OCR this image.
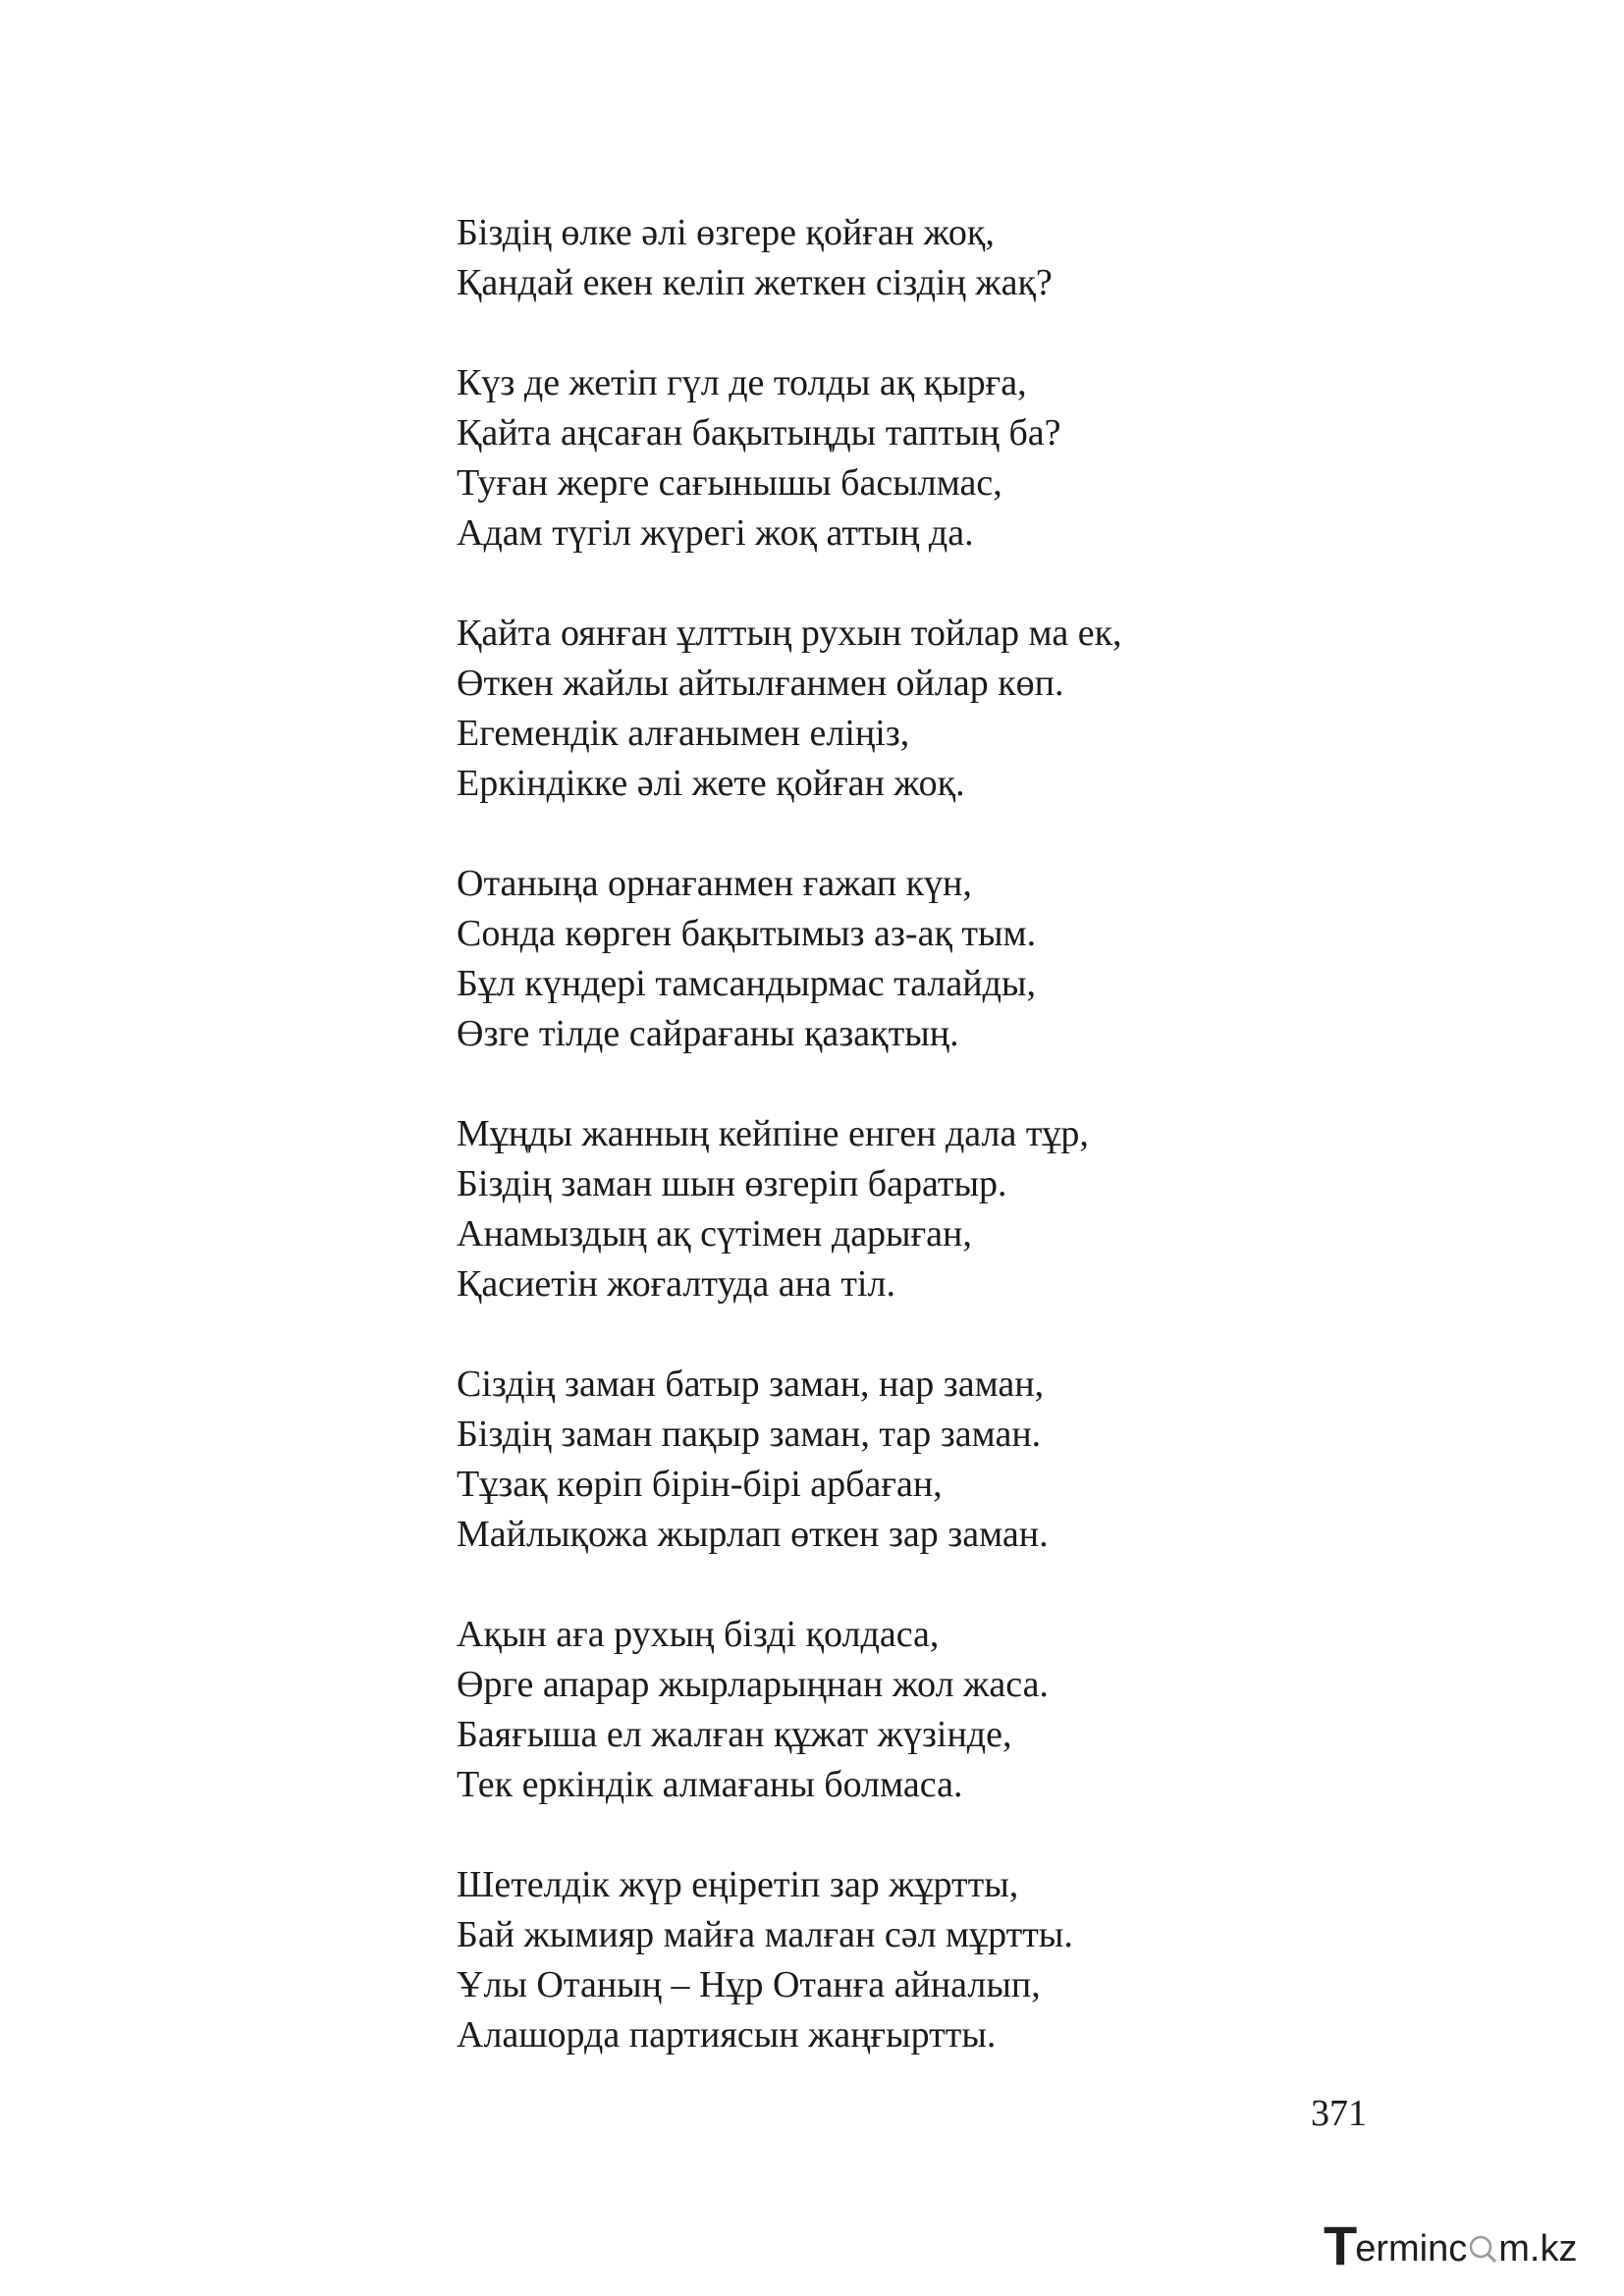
Біздің өлке әлі өзгере қойған жоқ,
Қандай екен келіп жеткен сіздің жақ?
Күз де жетіп гүл де толды ақ қырға,
Қайта аңсаған бақытыңды таптың ба?
Туған жерге сағынышы басылмас,
Адам түгіл жүрегі жоқ аттың да.
Қайта оянған ұлттың рухын тойлар ма ек,
Өткен жайлы айтылғанмен ойлар көп.
Егемендік алғанымен еліңіз,
Еркіндікке әлі жете қойған жоқ.
Отаныңа орнағанмен ғажап күн,
Сонда көрген бақытымыз аз-ақ тым.
Бұл күндері тамсандырмас талайды,
Өзге тілде сайрағаны қазақтың.
Мұңды жанның кейпіне енген дала тұр,
Біздің заман шын өзгеріп баратыр.
Анамыздың ақ сүтімен дарыған,
Қасиетін жоғалтуда ана тіл.
Сіздің заман батыр заман, нар заман,
Біздің заман пақыр заман, тар заман.
Тұзақ көріп бірін-бірі арбаған,
Майлықожа жырлап өткен зар заман.
Ақын аға рухың бізді қолдаса,
Өрге апарар жырларыңнан жол жаса.
Баяғыша ел жалған құжат жүзінде,
Тек еркіндік алмағаны болмаса.
Шетелдік жүр еңіретіп зар жұртты,
Бай жымияр майға малған сәл мұртты.
Ұлы Отаның – Нұр Отанға айналып,
Алашорда партиясын жаңғыртты.
371
T erminc m.kz
